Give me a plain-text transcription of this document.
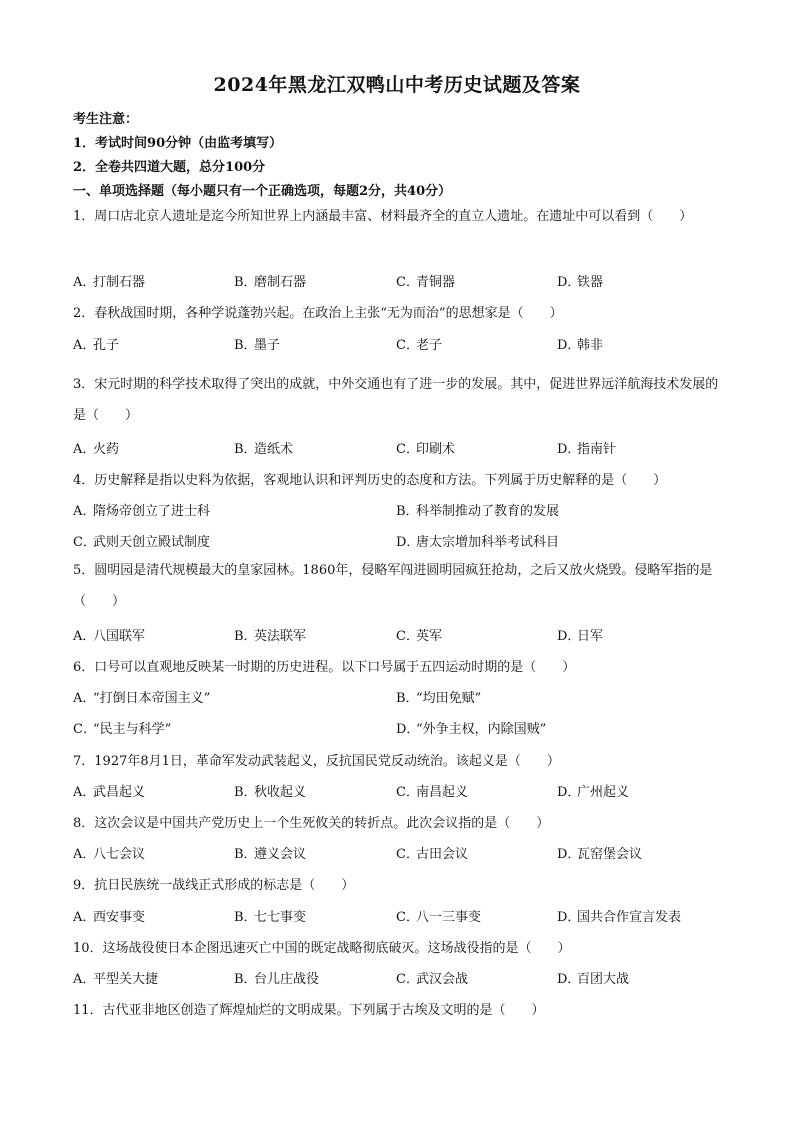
2024年黑龙江双鸭山中考历史试题及答案
考生注意：
1．考试时间90分钟（由监考填写）
2．全卷共四道大题，总分100分
一、单项选择题（每小题只有一个正确选项，每题2分，共40分）
1．周口店北京人遗址是迄今所知世界上内涵最丰富、材料最齐全的直立人遗址。在遗址中可以看到（　　）
A．打制石器	B．磨制石器	C．青铜器	D．铁器
2．春秋战国时期，各种学说蓬勃兴起。在政治上主张“无为而治”的思想家是（　　）
A．孔子	B．墨子	C．老子	D．韩非
3．宋元时期的科学技术取得了突出的成就，中外交通也有了进一步的发展。其中，促进世界远洋航海技术发展的是（　　）
A．火药	B．造纸术	C．印刷术	D．指南针
4．历史解释是指以史料为依据，客观地认识和评判历史的态度和方法。下列属于历史解释的是（　　）
A．隋炀帝创立了进士科	B．科举制推动了教育的发展
C．武则天创立殿试制度	D．唐太宗增加科举考试科目
5．圆明园是清代规模最大的皇家园林。1860年，侵略军闯进圆明园疯狂抢劫，之后又放火烧毁。侵略军指的是（　　）
A．八国联军	B．英法联军	C．英军	D．日军
6．口号可以直观地反映某一时期的历史进程。以下口号属于五四运动时期的是（　　）
A．“打倒日本帝国主义”	B．“均田免赋”
C．“民主与科学”	D．“外争主权，内除国贼”
7．1927年8月1日，革命军发动武装起义，反抗国民党反动统治。该起义是（　　）
A．武昌起义	B．秋收起义	C．南昌起义	D．广州起义
8．这次会议是中国共产党历史上一个生死攸关的转折点。此次会议指的是（　　）
A．八七会议	B．遵义会议	C．古田会议	D．瓦窑堡会议
9．抗日民族统一战线正式形成的标志是（　　）
A．西安事变	B．七七事变	C．八一三事变	D．国共合作宣言发表
10．这场战役使日本企图迅速灭亡中国的既定战略彻底破灭。这场战役指的是（　　）
A．平型关大捷	B．台儿庄战役	C．武汉会战	D．百团大战
11．古代亚非地区创造了辉煌灿烂的文明成果。下列属于古埃及文明的是（　　）
